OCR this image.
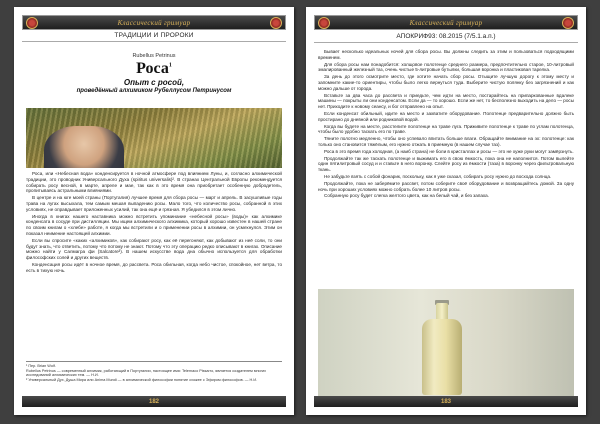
Классический гримуар
ТРАДИЦИИ И ПРОРОКИ
Rubellus Petrinus
Роса$^1$
Опыт с росой,
проведённый алхимиком Рубеллусом Петринусом

Роса, или «Небесная вода» конденсируется в ночной атмосфере под влиянием Луны, и, согласно алхимической традиции, это проводник Универсального Духа (spiritus universalis)². В странах Центральной Европы рекомендуется собирать росу весной, в марте, апреле и мае, так как в это время она приобретает особенную добродетель, пропитываясь астральными влияниями.

В центре и на юге моей страны (Португалия) лучшее время для сбора росы — март и апрель. В засушливые годы трава на лугах высыхала, тем самым мешая выпадению росы. Мало того, что количество росы, собранной в этих условиях, не оправдывает приложенных усилий, так она ещё и грязная. Я убедился в этом лично.

Иногда в книгах нашего наставника можно встретить упоминание «небесной росы» (воды)» как алхимике конденсата в сосуде при дистилляции. Мы ищем алхимического алхимика, который хорошо известен в нашей стране по своим книгам о «хлебе» работе, я когда мы встретили и о применении росы в алхимии, он усмехнулся. Этим он показал неимение настоящей алхимии.

Если вы спросите «каких «алхимиков», как собирают росу, как её перегоняют, как добывают из неё соли, то они будут знать, что ответить, потому что потому не знают. Потому что эту операцию редко описывают в книгах. Описание можно найти у Салмагра фи (Salcatore³). В нашем искусстве вода дна обычно используется для обработки философских солей и других веществ.

Конденсация росы идёт в ночное время, до рассвета. Роса обильная, когда небо чистое, спокойное, нет ветра, то есть в тихую ночь.

¹ Пер. Brian Wolf.

Rubellus Petrinus — современный алхимик, работающий в Португалии, настоящее имя: Telemaco Pissarro, является создателем многих исследований алхимических тем. — Н.И.

² Универсальный Дух, Душа Мира или Anima Mundi — в алхимической философии понятие схожее с Эфиром философов. — Н.И.

182
Классический гримуар
АПОКРИФ93: 08.2015 (7/5.1.а.п.)

Бывает несколько идеальных ночей для сбора росы. Вы должны следить за этим и пользоваться подходящими временем.

Для сбора росы нам понадобится: холщовое полотенце среднего размера, предпочтительно старое, 10-литровый эмалированный железный таз, очень чистые 5-литровые бутылки, большая воронка и пластиковая тарелка.

За день до этого осмотрите место, где хотите начать сбор росы. Отыщите лучшую дорогу к этому месту и запомните какие-то ориентиры, чтобы было легко вернуться туда. Выберите чистую полянку без загрязнений и как можно дальше от города.

Вставьте за два часа до рассвета и приедьте, чем идти на место, постарайтесь на припаркованные вдалеке машины — покрыты ли они конденсатом. Если да — то хорошо. Если же нет, то бесполезно выходить на дело — росы нет. Приходите к новому сеансу, и бог отправлено на опыт.

Если конденсат обильный, идите на место и захватите оборудование. Полотенце предварительно должно быть простирано до дневной или родниковой водой.

Когда вы будете на месте, расстелите полотенце на траве луга. Приживите полотенце к траве по углам полотенца, чтобы было удобно таскать его по траве.

Тяните полотно медленно, чтобы оно успевало впитать больше влаги. Обращайте внимание на эх: полотенце: как только оно становится тяжёлым, его нужно отжать в приемную (в нашем случае таз).

Роса в это время года холодная, (а наиб страна) не боли в кристаллах и росы — это не хуже руки могут замёрзнуть.

Продолжайте так же таскать полотенце и выжимать его в свою ёмкость, пока она не наполнится. Потом вылейте один пятилитровый сосуд и и ставьте в него воронку. Слейте росу из ёмкости (таза) в воронку через фильтровальную ткань.

Не забудьте взять с собой фонарик, поскольку, как я уже сказал, собирать росу нужно до восхода солнца.

Продолжайте, пока не заберёмите рассвет, потом соберите своё оборудование и возвращайтесь домой. За одну ночь при хороших условиях можно собрать более 10 литров росы.

Собранную росу будет слегка желтого цвета, как на белый чай, и без запаха.

183
